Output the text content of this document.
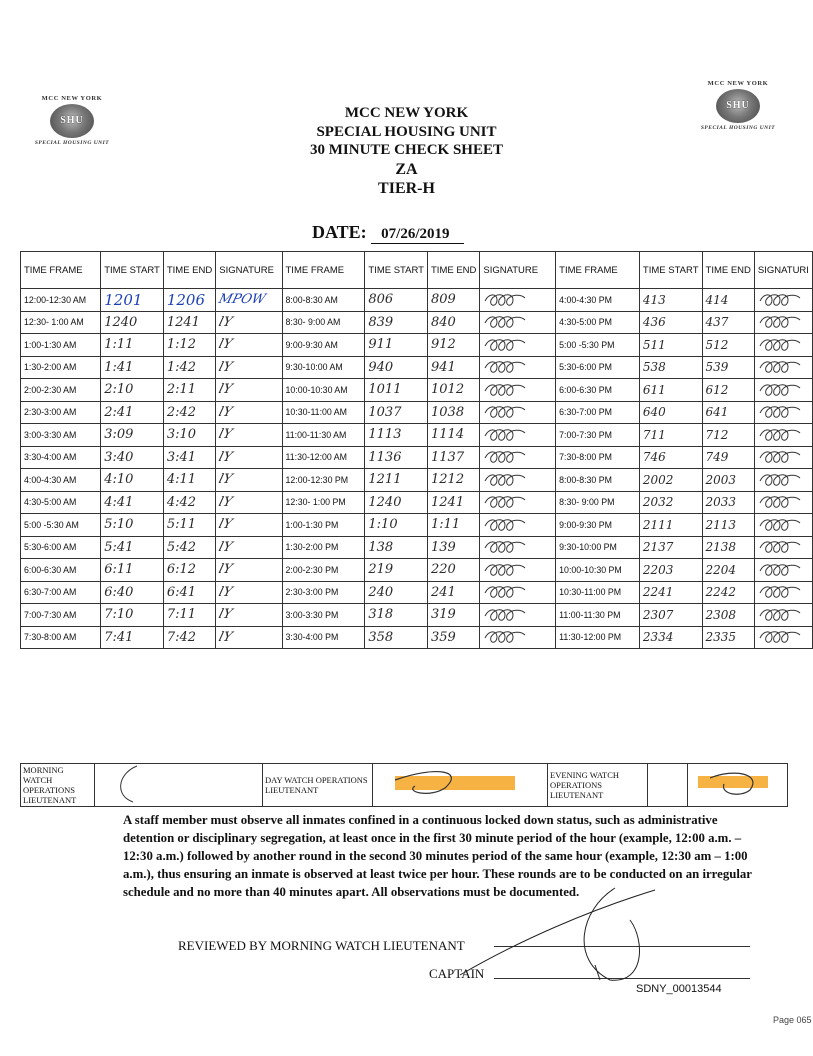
MCC NEW YORK
SHU
SPECIAL HOUSING UNIT
MCC NEW YORK
SHU
SPECIAL HOUSING UNIT
MCC NEW YORK
SPECIAL HOUSING UNIT
30 MINUTE CHECK SHEET
ZA
TIER-H
DATE: 07/26/2019
TIME FRAME	TIME START	TIME END	SIGNATURE	TIME FRAME	TIME START	TIME END	SIGNATURE	TIME FRAME	TIME START	TIME END	SIGNATURI
12:00-12:30 AM	1201	1206	MPOW	8:00-8:30 AM	806	809		4:00-4:30 PM	413	414	
12:30- 1:00 AM	1240	1241	lY	8:30- 9:00 AM	839	840		4:30-5:00 PM	436	437	
1:00-1:30 AM	1:11	1:12	lY	9:00-9:30 AM	911	912		5:00 -5:30 PM	511	512	
1:30-2:00 AM	1:41	1:42	lY	9:30-10:00 AM	940	941		5:30-6:00 PM	538	539	
2:00-2:30 AM	2:10	2:11	lY	10:00-10:30 AM	1011	1012		6:00-6:30 PM	611	612	
2:30-3:00 AM	2:41	2:42	lY	10:30-11:00 AM	1037	1038		6:30-7:00 PM	640	641	
3:00-3:30 AM	3:09	3:10	lY	11:00-11:30 AM	1113	1114		7:00-7:30 PM	711	712	
3:30-4:00 AM	3:40	3:41	lY	11:30-12:00 AM	1136	1137		7:30-8:00 PM	746	749	
4:00-4:30 AM	4:10	4:11	lY	12:00-12:30 PM	1211	1212		8:00-8:30 PM	2002	2003	
4:30-5:00 AM	4:41	4:42	lY	12:30- 1:00 PM	1240	1241		8:30- 9:00 PM	2032	2033	
5:00 -5:30 AM	5:10	5:11	lY	1:00-1:30 PM	1:10	1:11		9:00-9:30 PM	2111	2113	
5:30-6:00 AM	5:41	5:42	lY	1:30-2:00 PM	138	139		9:30-10:00 PM	2137	2138	
6:00-6:30 AM	6:11	6:12	lY	2:00-2:30 PM	219	220		10:00-10:30 PM	2203	2204	
6:30-7:00 AM	6:40	6:41	lY	2:30-3:00 PM	240	241		10:30-11:00 PM	2241	2242	
7:00-7:30 AM	7:10	7:11	lY	3:00-3:30 PM	318	319		11:00-11:30 PM	2307	2308	
7:30-8:00 AM	7:41	7:42	lY	3:30-4:00 PM	358	359		11:30-12:00 PM	2334	2335	
MORNING WATCH OPERATIONS LIEUTENANT		DAY WATCH OPERATIONS LIEUTENANT		EVENING WATCH OPERATIONS LIEUTENANT		
A staff member must observe all inmates confined in a continuous locked down status, such as administrative detention or disciplinary segregation, at least once in the first 30 minute period of the hour (example, 12:00 a.m. – 12:30 a.m.) followed by another round in the second 30 minutes period of the same hour (example, 12:30 am – 1:00 a.m.), thus ensuring an inmate is observed at least twice per hour. These rounds are to be conducted on an irregular schedule and no more than 40 minutes apart. All observations must be documented.
REVIEWED BY MORNING WATCH LIEUTENANT
CAPTAIN
SDNY_00013544
Page 065
